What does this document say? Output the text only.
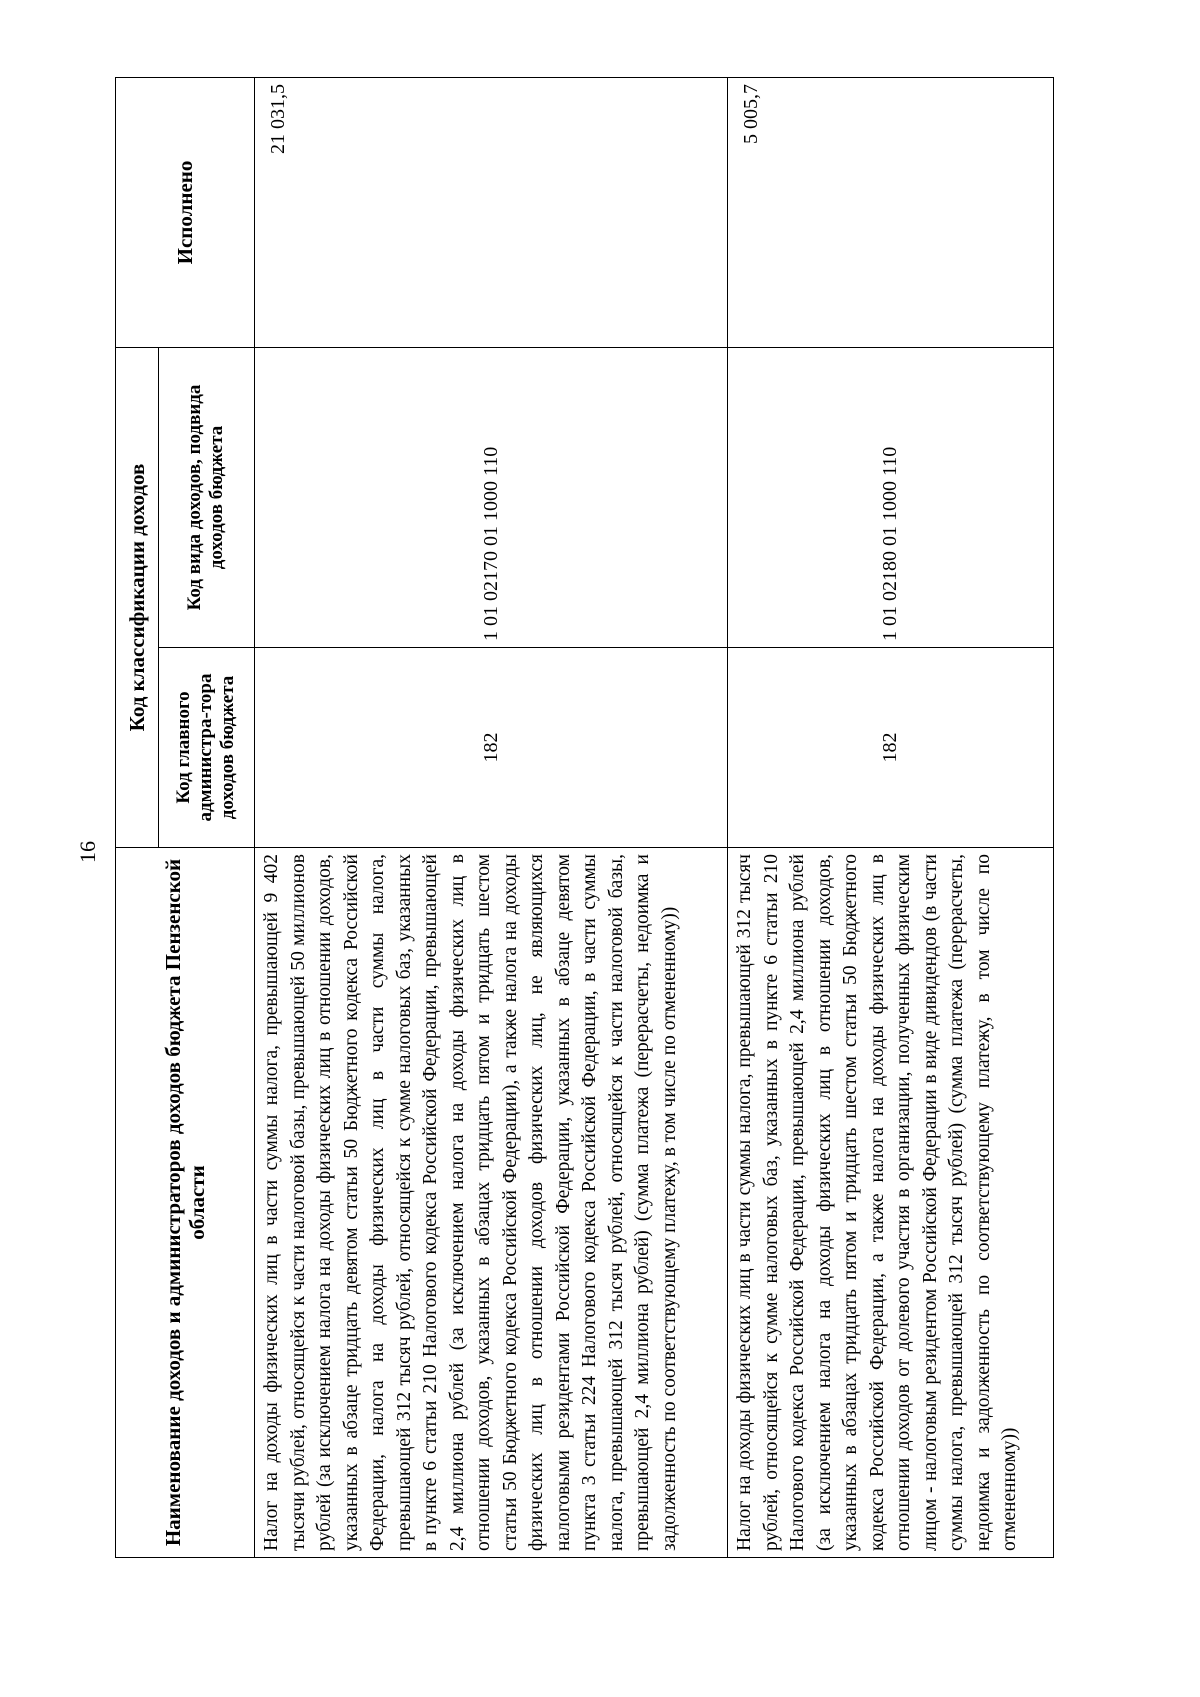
16
Наименование доходов и администраторов доходов бюджета Пензенской области	Код классификации доходов		Исполнено
	Код главного администра-тора доходов бюджета	Код вида доходов, подвида доходов бюджета	
Налог на доходы физических лиц в части суммы налога, превышающей 9 402 тысячи рублей, относящейся к части налоговой базы, превышающей 50 миллионов рублей (за исключением налога на доходы физических лиц в отношении доходов, указанных в абзаце тридцать девятом статьи 50 Бюджетного кодекса Российской Федерации, налога на доходы физических лиц в части суммы налога, превышающей 312 тысяч рублей, относящейся к сумме налоговых баз, указанных в пункте 6 статьи 210 Налогового кодекса Российской Федерации, превышающей 2,4 миллиона рублей (за исключением налога на доходы физических лиц в отношении доходов, указанных в абзацах тридцать пятом и тридцать шестом статьи 50 Бюджетного кодекса Российской Федерации), а также налога на доходы физических лиц в отношении доходов физических лиц, не являющихся налоговыми резидентами Российской Федерации, указанных в абзаце девятом пункта 3 статьи 224 Налогового кодекса Российской Федерации, в части суммы налога, превышающей 312 тысяч рублей, относящейся к части налоговой базы, превышающей 2,4 миллиона рублей) (сумма платежа (перерасчеты, недоимка и задолженность по соответствующему платежу, в том числе по отмененному))	182	1 01 02170 01 1000 110	21 031,5
Налог на доходы физических лиц в части суммы налога, превышающей 312 тысяч рублей, относящейся к сумме налоговых баз, указанных в пункте 6 статьи 210 Налогового кодекса Российской Федерации, превышающей 2,4 миллиона рублей (за исключением налога на доходы физических лиц в отношении доходов, указанных в абзацах тридцать пятом и тридцать шестом статьи 50 Бюджетного кодекса Российской Федерации, а также налога на доходы физических лиц в отношении доходов от долевого участия в организации, полученных физическим лицом - налоговым резидентом Российской Федерации в виде дивидендов (в части суммы налога, превышающей 312 тысяч рублей) (сумма платежа (перерасчеты, недоимка и задолженность по соответствующему платежу, в том числе по отмененному))	182	1 01 02180 01 1000 110	5 005,7
